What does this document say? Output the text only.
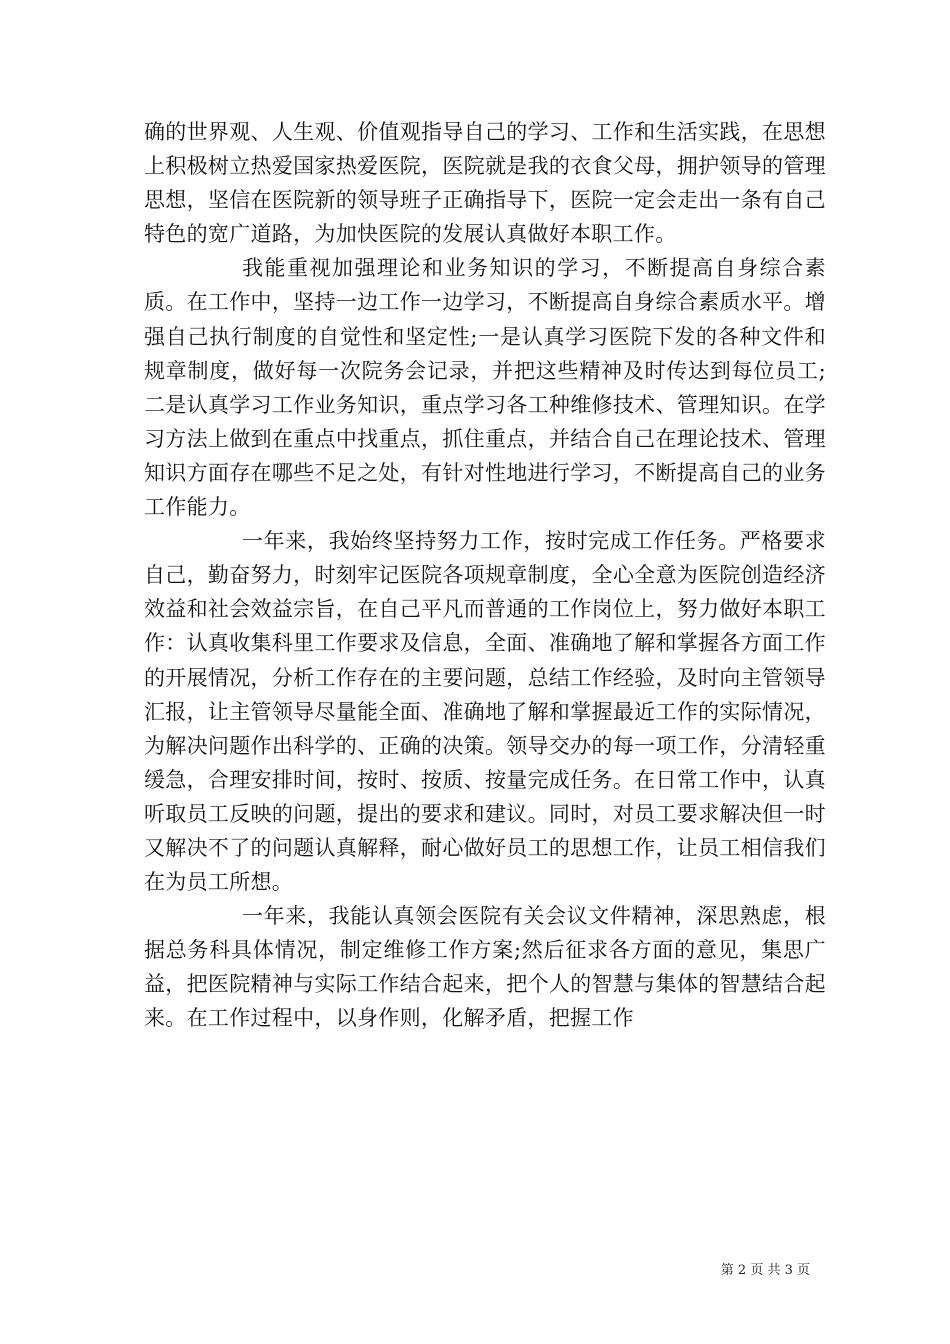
确的世界观、人生观、价值观指导自己的学习、工作和生活实践，在思想上积极树立热爱国家热爱医院，医院就是我的衣食父母，拥护领导的管理思想，坚信在医院新的领导班子正确指导下，医院一定会走出一条有自己特色的宽广道路，为加快医院的发展认真做好本职工作。

我能重视加强理论和业务知识的学习，不断提高自身综合素质。在工作中，坚持一边工作一边学习，不断提高自身综合素质水平。增强自己执行制度的自觉性和坚定性;一是认真学习医院下发的各种文件和规章制度，做好每一次院务会记录，并把这些精神及时传达到每位员工;二是认真学习工作业务知识，重点学习各工种维修技术、管理知识。在学习方法上做到在重点中找重点，抓住重点，并结合自己在理论技术、管理知识方面存在哪些不足之处，有针对性地进行学习，不断提高自己的业务工作能力。

一年来，我始终坚持努力工作，按时完成工作任务。严格要求自己，勤奋努力，时刻牢记医院各项规章制度，全心全意为医院创造经济效益和社会效益宗旨，在自己平凡而普通的工作岗位上，努力做好本职工作：认真收集科里工作要求及信息，全面、准确地了解和掌握各方面工作的开展情况，分析工作存在的主要问题，总结工作经验，及时向主管领导汇报，让主管领导尽量能全面、准确地了解和掌握最近工作的实际情况，为解决问题作出科学的、正确的决策。领导交办的每一项工作，分清轻重缓急，合理安排时间，按时、按质、按量完成任务。在日常工作中，认真听取员工反映的问题，提出的要求和建议。同时，对员工要求解决但一时又解决不了的问题认真解释，耐心做好员工的思想工作，让员工相信我们在为员工所想。

一年来，我能认真领会医院有关会议文件精神，深思熟虑，根据总务科具体情况，制定维修工作方案;然后征求各方面的意见，集思广益，把医院精神与实际工作结合起来，把个人的智慧与集体的智慧结合起来。在工作过程中，以身作则，化解矛盾，把握工作

第 2 页 共 3 页
